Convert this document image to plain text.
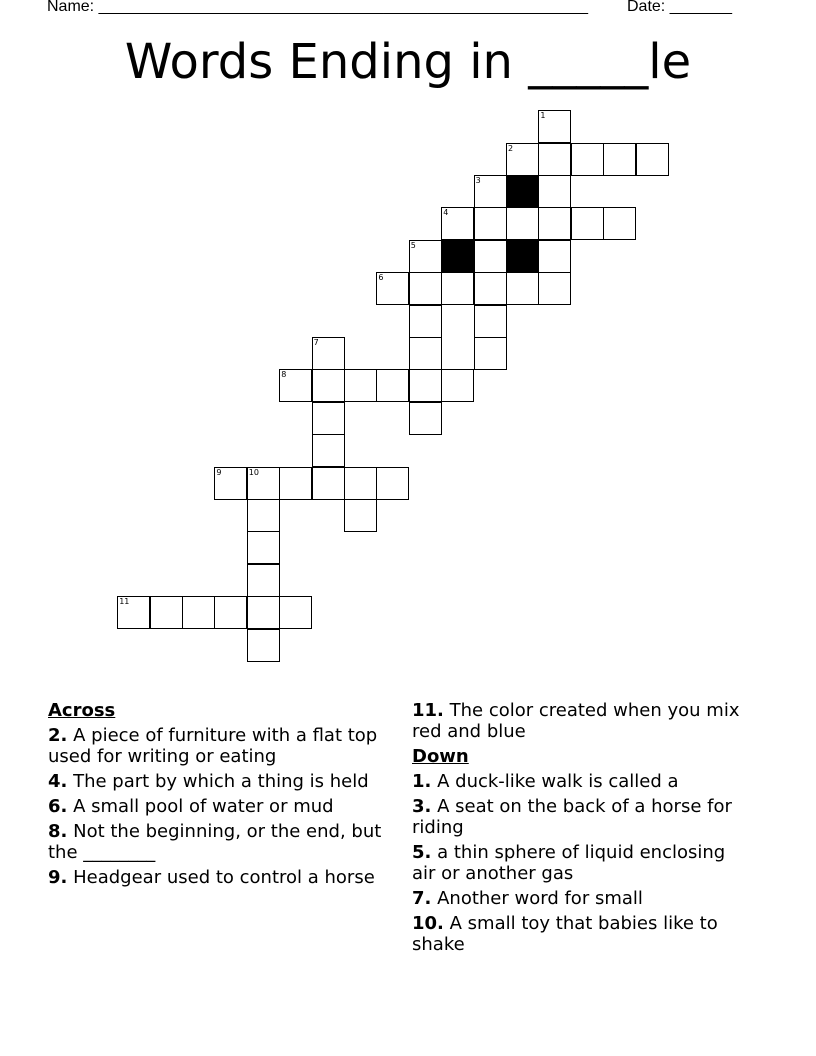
Name: _______________________________________________________ Date: _______
Words Ending in _____le
1
2
3
4
5
6
7
8
9	10
11
Across
2. A piece of furniture with a flat top used for writing or eating
4. The part by which a thing is held
6. A small pool of water or mud
8. Not the beginning, or the end, but the ________
9. Headgear used to control a horse
11. The color created when you mix red and blue
Down
1. A duck-like walk is called a
3. A seat on the back of a horse for riding
5. a thin sphere of liquid enclosing air or another gas
7. Another word for small
10. A small toy that babies like to shake
